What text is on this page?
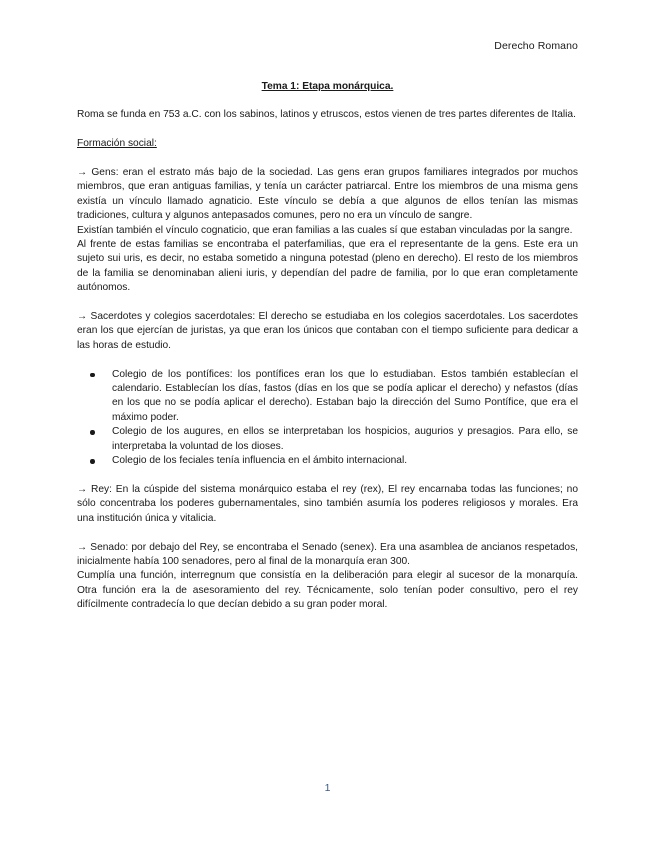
Derecho Romano

Tema 1: Etapa monárquica.

Roma se funda en 753 a.C. con los sabinos, latinos y etruscos, estos vienen de tres partes diferentes de Italia.

Formación social:

→ Gens: eran el estrato más bajo de la sociedad. Las gens eran grupos familiares integrados por muchos miembros, que eran antiguas familias, y tenía un carácter patriarcal. Entre los miembros de una misma gens existía un vínculo llamado agnaticio. Este vínculo se debía a que algunos de ellos tenían las mismas tradiciones, cultura y algunos antepasados comunes, pero no era un vínculo de sangre.

Existían también el vínculo cognaticio, que eran familias a las cuales sí que estaban vinculadas por la sangre.

Al frente de estas familias se encontraba el paterfamilias, que era el representante de la gens. Este era un sujeto sui uris, es decir, no estaba sometido a ninguna potestad (pleno en derecho). El resto de los miembros de la familia se denominaban alieni iuris, y dependían del padre de familia, por lo que eran completamente autónomos.

→ Sacerdotes y colegios sacerdotales: El derecho se estudiaba en los colegios sacerdotales. Los sacerdotes eran los que ejercían de juristas, ya que eran los únicos que contaban con el tiempo suficiente para dedicar a las horas de estudio.

Colegio de los pontífices: los pontífices eran los que lo estudiaban. Estos también establecían el calendario. Establecían los días, fastos (días en los que se podía aplicar el derecho) y nefastos (días en los que no se podía aplicar el derecho). Estaban bajo la dirección del Sumo Pontífice, que era el máximo poder.
Colegio de los augures, en ellos se interpretaban los hospicios, augurios y presagios. Para ello, se interpretaba la voluntad de los dioses.
Colegio de los feciales tenía influencia en el ámbito internacional.

→ Rey: En la cúspide del sistema monárquico estaba el rey (rex), El rey encarnaba todas las funciones; no sólo concentraba los poderes gubernamentales, sino también asumía los poderes religiosos y morales. Era una institución única y vitalicia.

→ Senado: por debajo del Rey, se encontraba el Senado (senex). Era una asamblea de ancianos respetados, inicialmente había 100 senadores, pero al final de la monarquía eran 300.

Cumplía una función, interregnum que consistía en la deliberación para elegir al sucesor de la monarquía. Otra función era la de asesoramiento del rey. Técnicamente, solo tenían poder consultivo, pero el rey difícilmente contradecía lo que decían debido a su gran poder moral.

1
